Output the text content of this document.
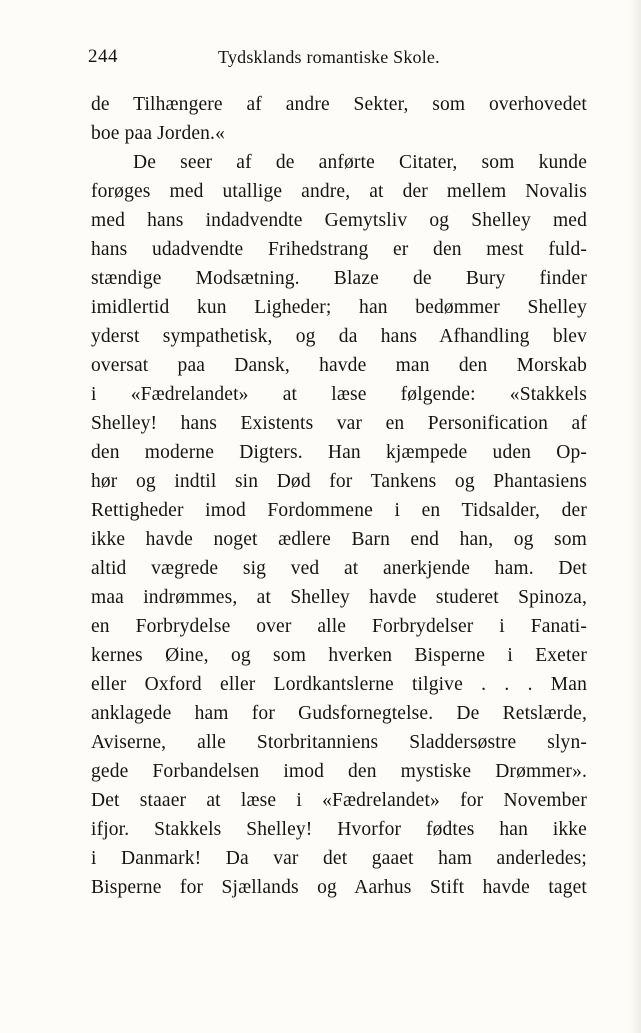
244	Tydsklands romantiske Skole.
de Tilhængere af andre Sekter, som overhovedet
boe paa Jorden.«
De seer af de anførte Citater, som kunde
forøges med utallige andre, at der mellem Novalis
med hans indadvendte Gemytsliv og Shelley med
hans udadvendte Frihedstrang er den mest fuld-
stændige Modsætning. Blaze de Bury finder
imidlertid kun Ligheder; han bedømmer Shelley
yderst sympathetisk, og da hans Afhandling blev
oversat paa Dansk, havde man den Morskab
i «Fædrelandet» at læse følgende: «Stakkels
Shelley! hans Existents var en Personification af
den moderne Digters. Han kjæmpede uden Op-
hør og indtil sin Død for Tankens og Phantasiens
Rettigheder imod Fordommene i en Tidsalder, der
ikke havde noget ædlere Barn end han, og som
altid vægrede sig ved at anerkjende ham. Det
maa indrømmes, at Shelley havde studeret Spinoza,
en Forbrydelse over alle Forbrydelser i Fanati-
kernes Øine, og som hverken Bisperne i Exeter
eller Oxford eller Lordkantslerne tilgive . . . Man
anklagede ham for Gudsfornegtelse. De Retslærde,
Aviserne, alle Storbritanniens Sladdersøstre slyn-
gede Forbandelsen imod den mystiske Drømmer».
Det staaer at læse i «Fædrelandet» for November
ifjor. Stakkels Shelley! Hvorfor fødtes han ikke
i Danmark! Da var det gaaet ham anderledes;
Bisperne for Sjællands og Aarhus Stift havde taget
